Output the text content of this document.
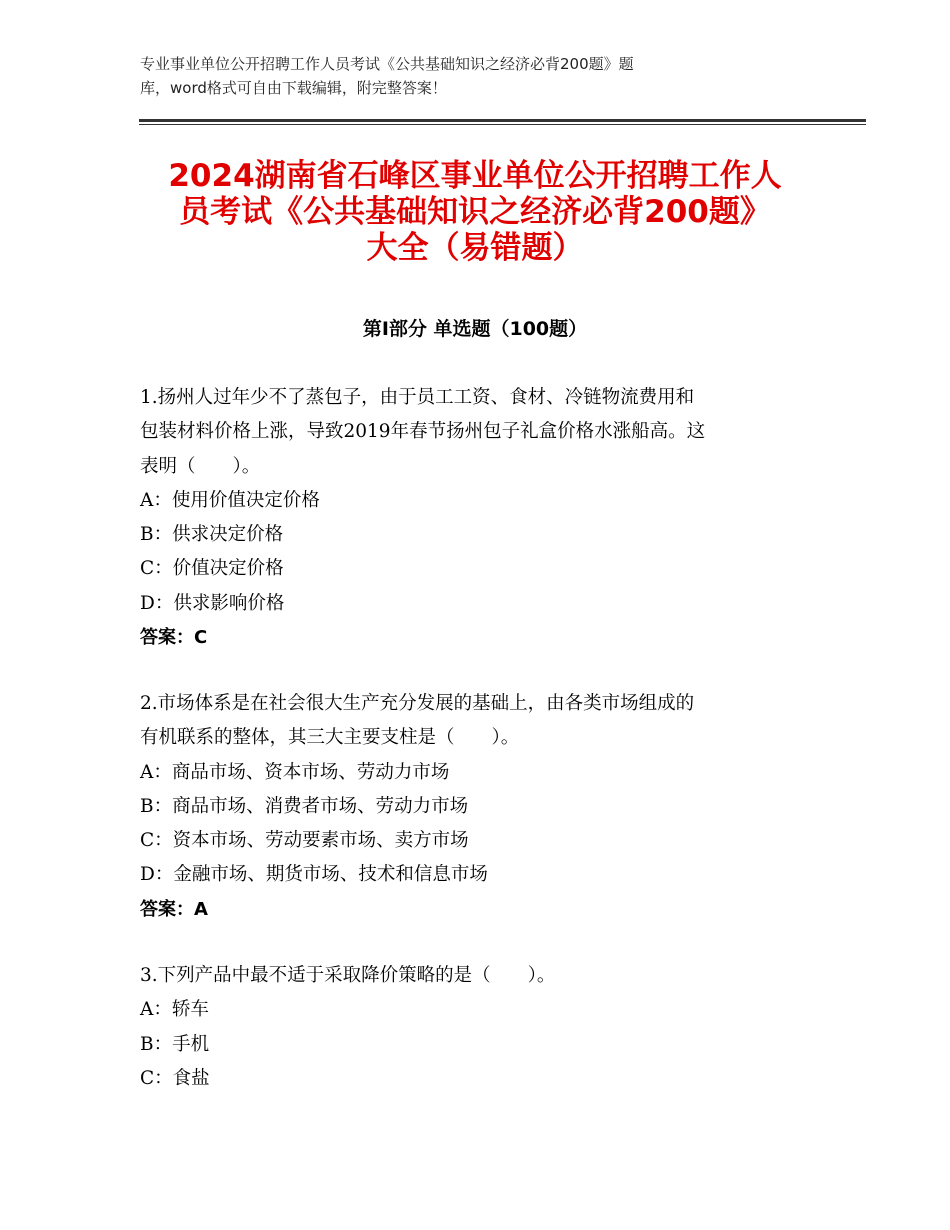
专业事业单位公开招聘工作人员考试《公共基础知识之经济必背200题》题
库，word格式可自由下载编辑，附完整答案！
2024湖南省石峰区事业单位公开招聘工作人
员考试《公共基础知识之经济必背200题》
大全（易错题）
第Ⅰ部分 单选题（100题）
1.扬州人过年少不了蒸包子，由于员工工资、食材、冷链物流费用和
包装材料价格上涨，导致2019年春节扬州包子礼盒价格水涨船高。这
表明（　　）。
A：使用价值决定价格
B：供求决定价格
C：价值决定价格
D：供求影响价格
答案：C
2.市场体系是在社会很大生产充分发展的基础上，由各类市场组成的
有机联系的整体，其三大主要支柱是（　　）。
A：商品市场、资本市场、劳动力市场
B：商品市场、消费者市场、劳动力市场
C：资本市场、劳动要素市场、卖方市场
D：金融市场、期货市场、技术和信息市场
答案：A
3.下列产品中最不适于采取降价策略的是（　　）。
A：轿车
B：手机
C：食盐
